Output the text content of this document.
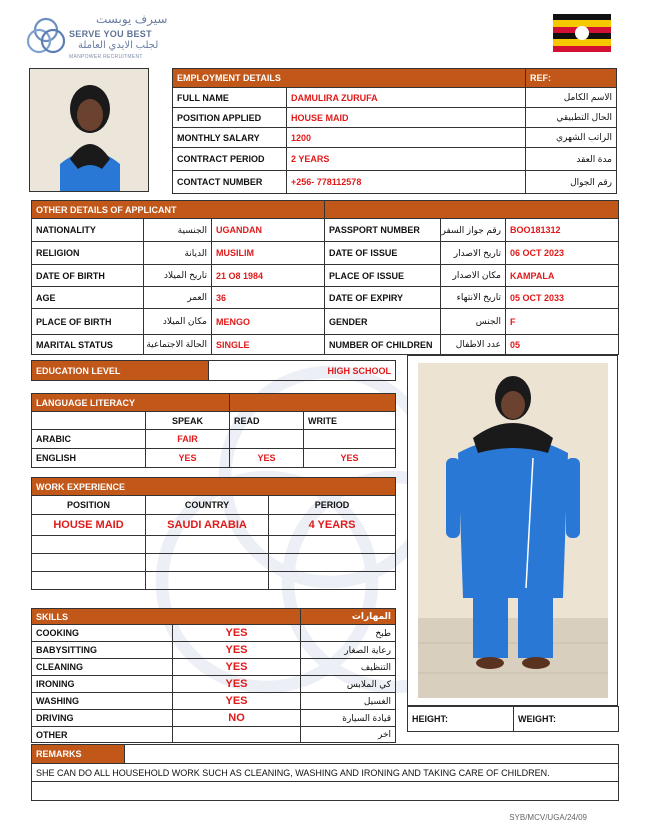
سيرف يوبست
SERVE YOU BEST
لجلب الايدي العاملة
MANPOWER RECRUITMENT
EMPLOYMENT DETAILS		REF:
FULL NAME	DAMULIRA ZURUFA	الاسم الكامل
POSITION APPLIED	HOUSE MAID	الحال التطبيقي
MONTHLY SALARY	1200	الراتب الشهري
CONTRACT PERIOD	2 YEARS	مدة العقد
CONTACT NUMBER	+256- 778112578	رقم الجوال
OTHER DETAILS OF APPLICANT					
NATIONALITY	الجنسية	UGANDAN	PASSPORT NUMBER	رقم جواز السفر	BOO181312
RELIGION	الديانة	MUSILIM	DATE OF ISSUE	تاريخ الاصدار	06 OCT 2023
DATE OF BIRTH	تاريخ الميلاد	21 O8 1984	PLACE OF ISSUE	مكان الاصدار	KAMPALA
AGE	العمر	36	DATE OF EXPIRY	تاريخ الانتهاء	05 OCT 2033
PLACE OF BIRTH	مكان الميلاد	MENGO	GENDER	الجنس	F
MARITAL STATUS	الحالة الاجتماعية	SINGLE	NUMBER OF CHILDREN	عدد الاطفال	05
EDUCATION LEVEL	HIGH SCHOOL
LANGUAGE LITERACY			
	SPEAK	READ	WRITE
ARABIC	FAIR		
ENGLISH	YES	YES	YES
WORK EXPERIENCE		
POSITION	COUNTRY	PERIOD
HOUSE MAID	SAUDI ARABIA	4 YEARS

SKILLS		المهارات
COOKING	YES	طبخ
BABYSITTING	YES	رعاية الصغار
CLEANING	YES	التنظيف
IRONING	YES	كي الملابس
WASHING	YES	الغسيل
DRIVING	NO	قيادة السيارة
OTHER		اخر
HEIGHT:	WEIGHT:
REMARKS	
SHE CAN DO ALL HOUSEHOLD WORK SUCH AS CLEANING, WASHING AND IRONING AND TAKING CARE OF CHILDREN.

SYB/MCV/UGA/24/09
